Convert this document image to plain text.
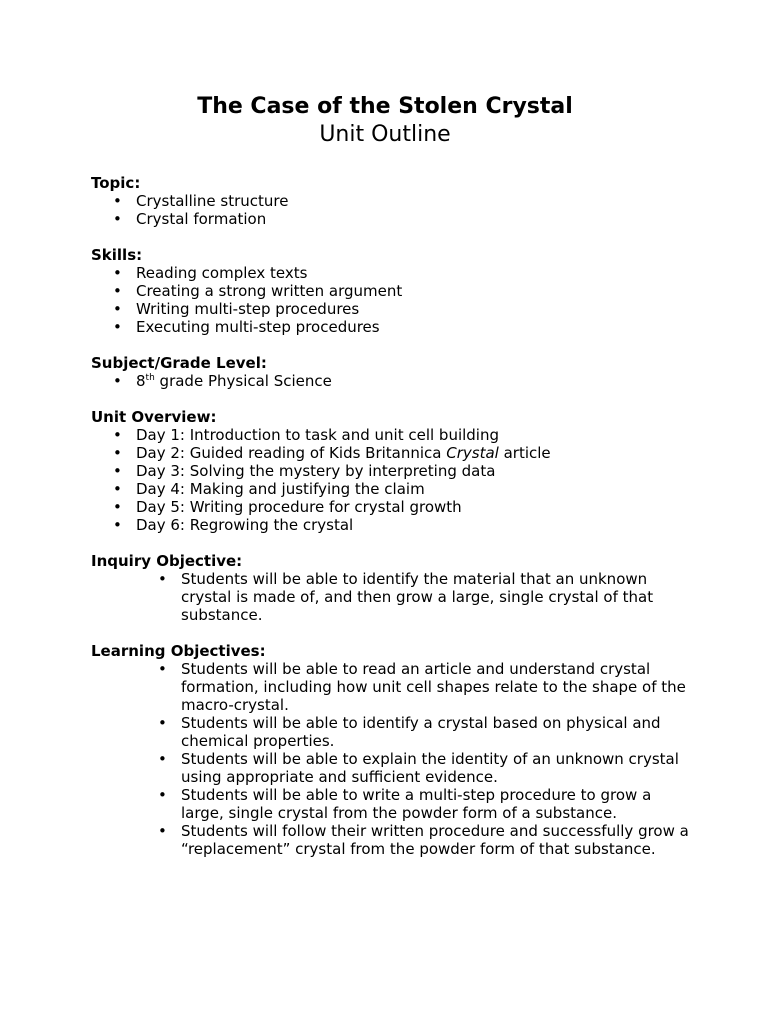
The Case of the Stolen Crystal
Unit Outline
Topic:
• Crystalline structure
• Crystal formation
Skills:
• Reading complex texts
• Creating a strong written argument
• Writing multi-step procedures
• Executing multi-step procedures
Subject/Grade Level:
• 8th grade Physical Science
Unit Overview:
• Day 1: Introduction to task and unit cell building
• Day 2: Guided reading of Kids Britannica Crystal article
• Day 3: Solving the mystery by interpreting data
• Day 4: Making and justifying the claim
• Day 5: Writing procedure for crystal growth
• Day 6: Regrowing the crystal
Inquiry Objective:
• Students will be able to identify the material that an unknown crystal is made of, and then grow a large, single crystal of that substance.
Learning Objectives:
• Students will be able to read an article and understand crystal formation, including how unit cell shapes relate to the shape of the macro-crystal.
• Students will be able to identify a crystal based on physical and chemical properties.
• Students will be able to explain the identity of an unknown crystal using appropriate and sufficient evidence.
• Students will be able to write a multi-step procedure to grow a large, single crystal from the powder form of a substance.
• Students will follow their written procedure and successfully grow a “replacement” crystal from the powder form of that substance.
